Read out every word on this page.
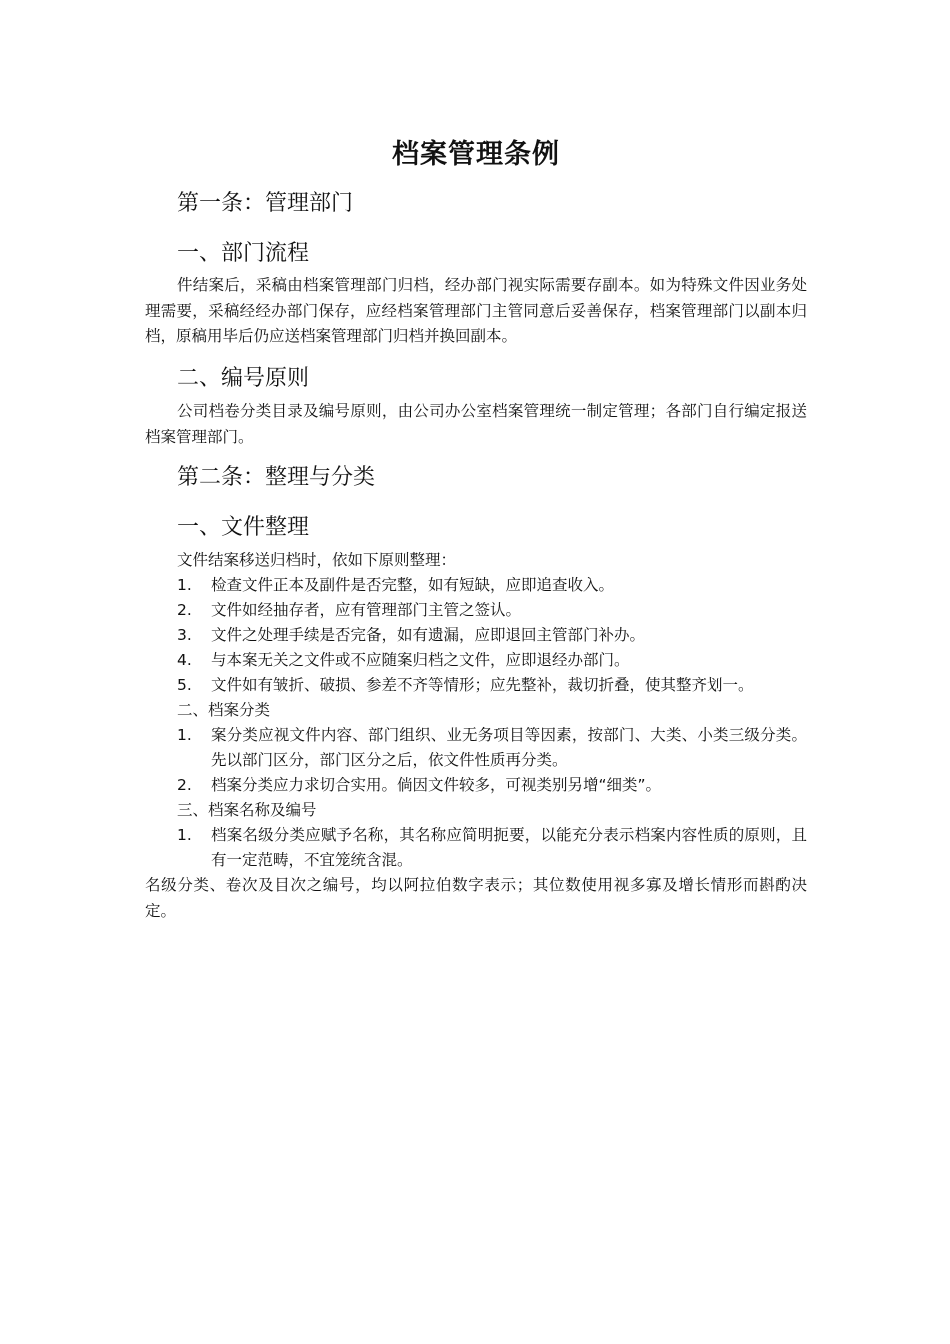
档案管理条例
第一条：管理部门
一、部门流程

件结案后，采稿由档案管理部门归档，经办部门视实际需要存副本。如为特殊文件因业务处理需要，采稿经经办部门保存，应经档案管理部门主管同意后妥善保存，档案管理部门以副本归档，原稿用毕后仍应送档案管理部门归档并换回副本。

二、编号原则

公司档卷分类目录及编号原则，由公司办公室档案管理统一制定管理；各部门自行编定报送档案管理部门。

第二条：整理与分类
一、文件整理

文件结案移送归档时，依如下原则整理：

1. 检查文件正本及副件是否完整，如有短缺，应即追查收入。
2. 文件如经抽存者，应有管理部门主管之签认。
3. 文件之处理手续是否完备，如有遗漏，应即退回主管部门补办。
4. 与本案无关之文件或不应随案归档之文件，应即退经办部门。
5. 文件如有皱折、破损、参差不齐等情形；应先整补，裁切折叠，使其整齐划一。

二、档案分类

1. 案分类应视文件内容、部门组织、业无务项目等因素，按部门、大类、小类三级分类。先以部门区分，部门区分之后，依文件性质再分类。
2. 档案分类应力求切合实用。倘因文件较多，可视类别另增“细类”。

三、档案名称及编号

1. 档案名级分类应赋予名称，其名称应简明扼要，以能充分表示档案内容性质的原则，且有一定范畴，不宜笼统含混。

名级分类、卷次及目次之编号，均以阿拉伯数字表示；其位数使用视多寡及增长情形而斟酌决定。
